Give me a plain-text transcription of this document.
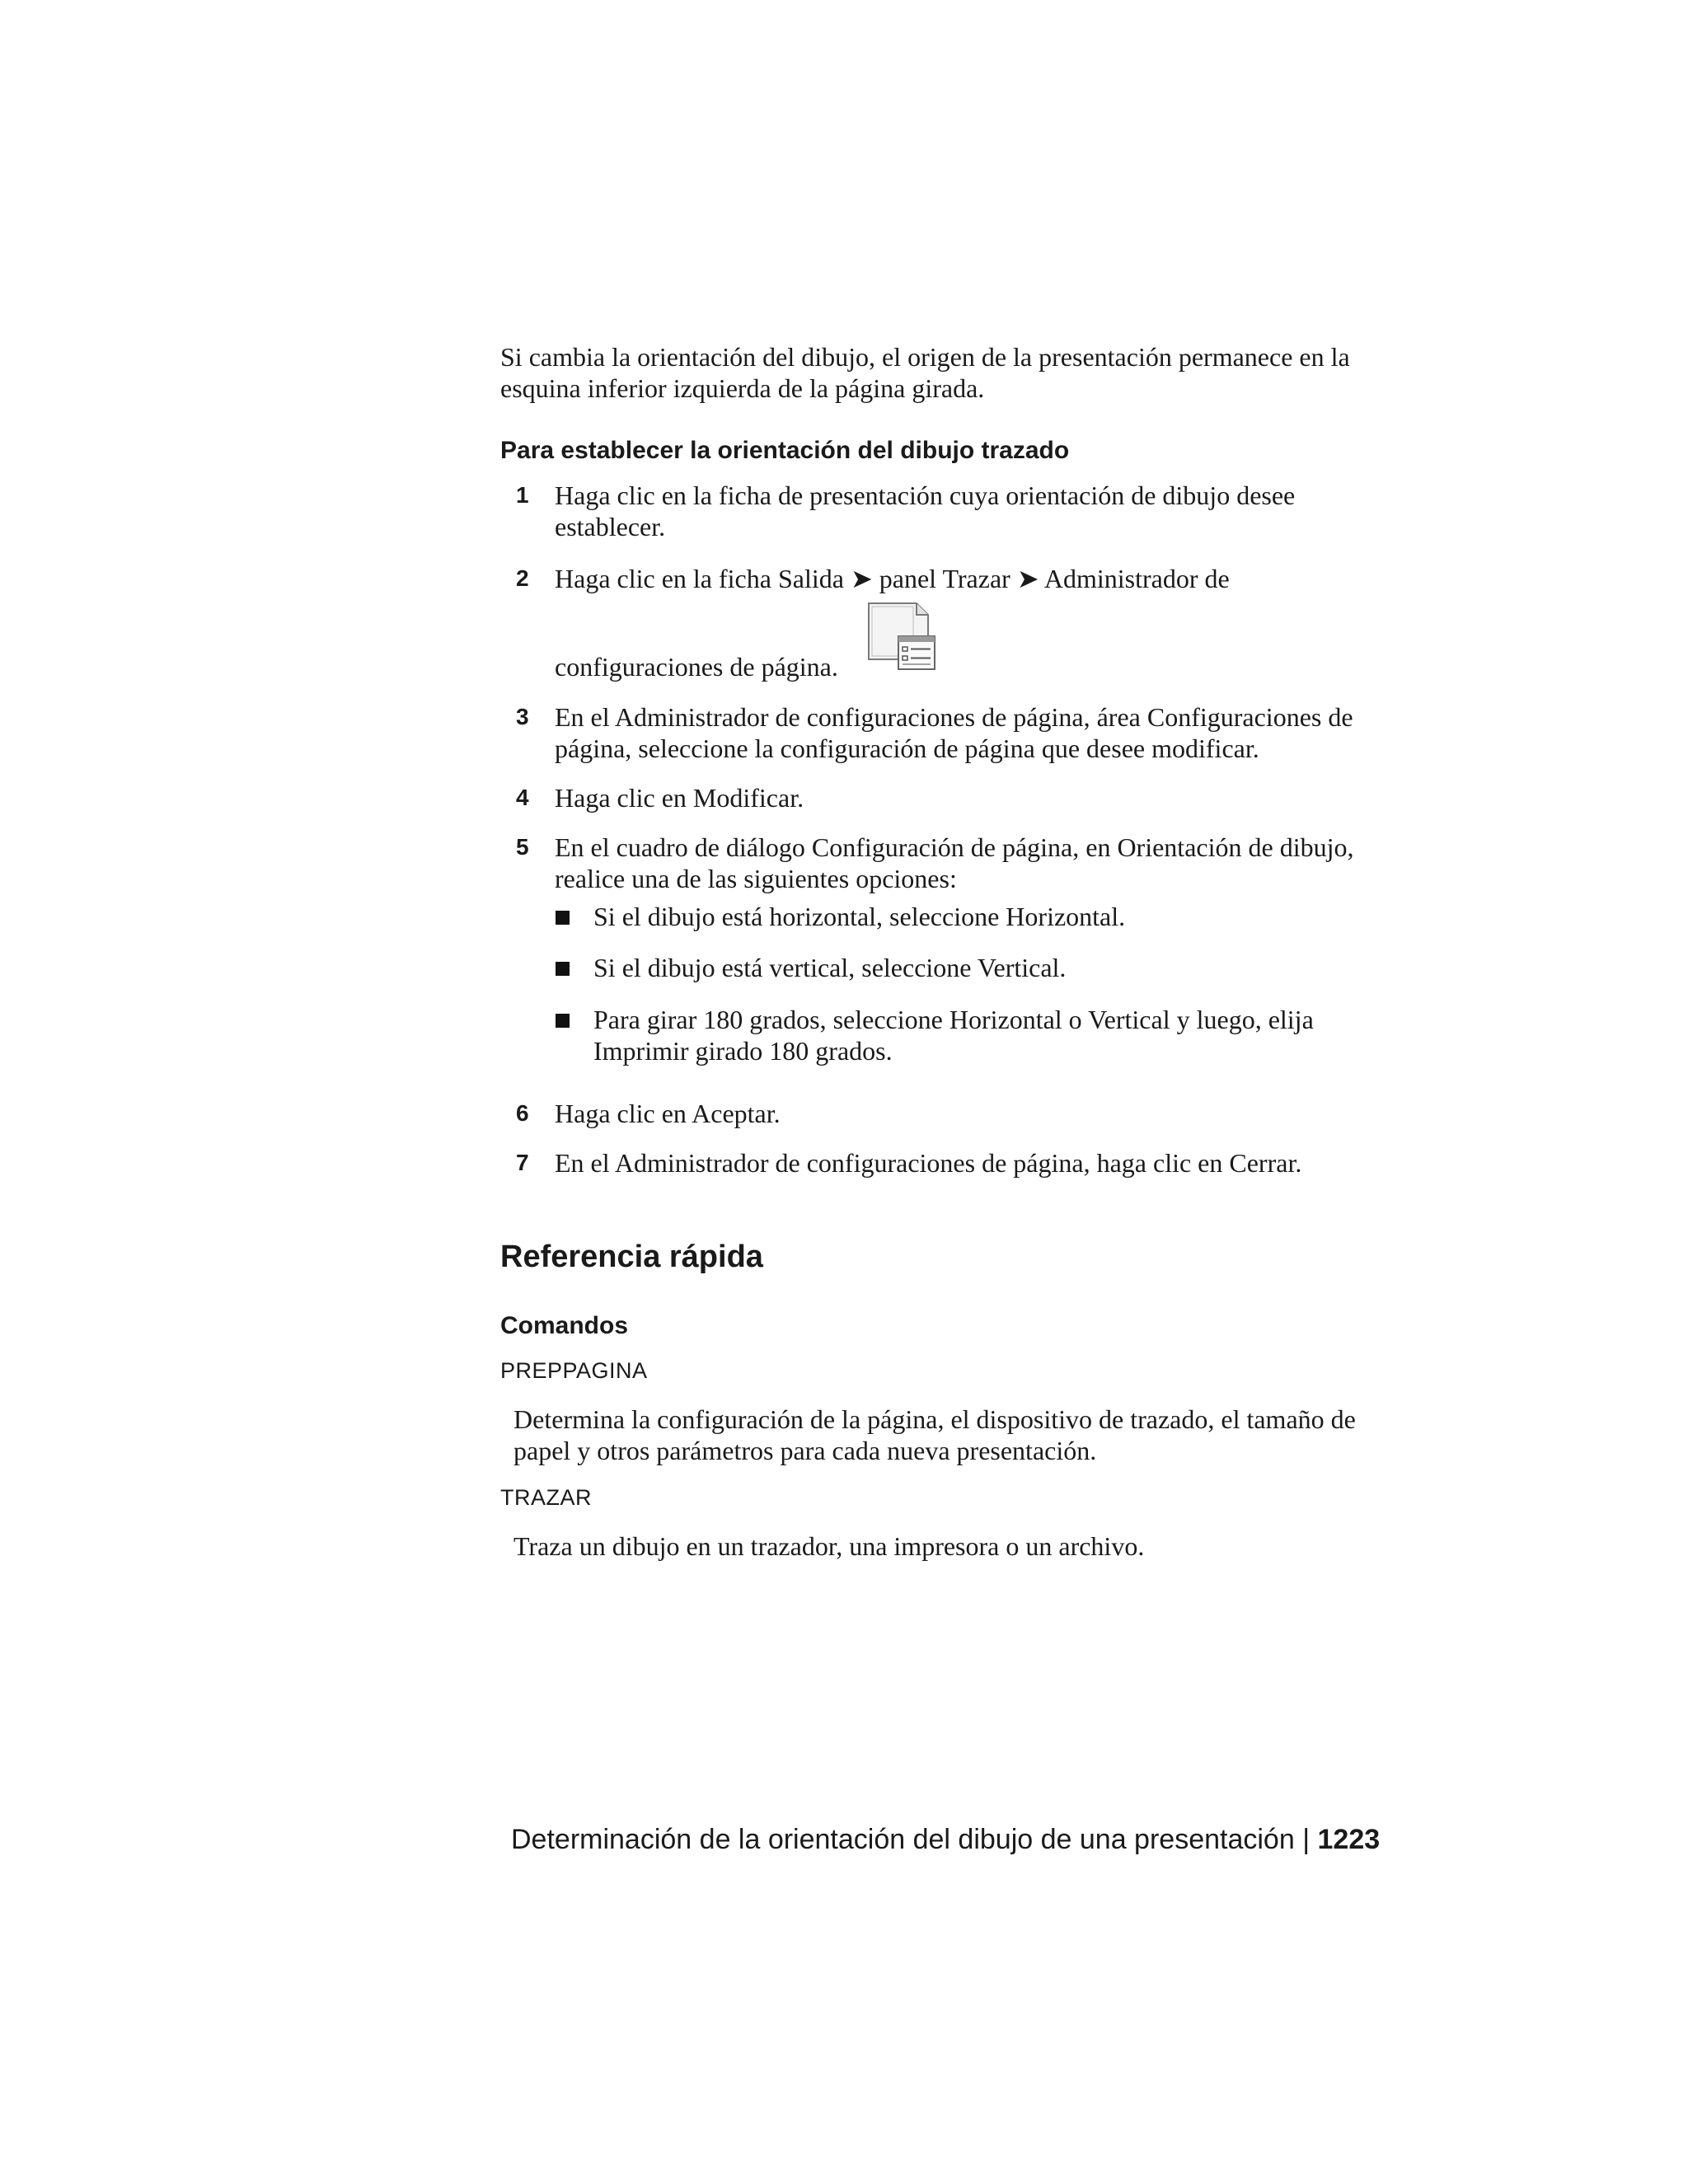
Si cambia la orientación del dibujo, el origen de la presentación permanece en la esquina inferior izquierda de la página girada.

Para establecer la orientación del dibujo trazado
1 Haga clic en la ficha de presentación cuya orientación de dibujo desee establecer.
2 Haga clic en la ficha Salida ➤ panel Trazar ➤ Administrador de
configuraciones de página.
3 En el Administrador de configuraciones de página, área Configuraciones de página, seleccione la configuración de página que desee modificar.
4 Haga clic en Modificar.
5 En el cuadro de diálogo Configuración de página, en Orientación de dibujo, realice una de las siguientes opciones:
Si el dibujo está horizontal, seleccione Horizontal.
Si el dibujo está vertical, seleccione Vertical.
Para girar 180 grados, seleccione Horizontal o Vertical y luego, elija Imprimir girado 180 grados.
6 Haga clic en Aceptar.
7 En el Administrador de configuraciones de página, haga clic en Cerrar.
Referencia rápida
Comandos
PREPPAGINA
Determina la configuración de la página, el dispositivo de trazado, el tamaño de papel y otros parámetros para cada nueva presentación.
TRAZAR
Traza un dibujo en un trazador, una impresora o un archivo.
Determinación de la orientación del dibujo de una presentación | 1223
